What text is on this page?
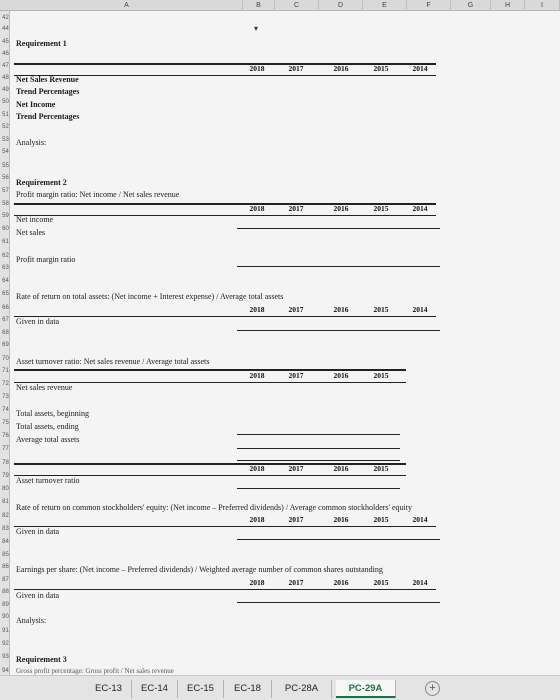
A	B	C	D	E	F	G	H	I
42
44
45
46
47
48
49
50
51
52
53
54
55
56
57
58
59
60
61
62
63
64
65
66
67
68
69
70
71
72
73
74
75
76
77
78
79
80
81
82
83
84
85
86
87
88
89
90
91
92
93
94
▾
Requirement 1
2018	2017	2016	2015	2014
Net Sales Revenue
Trend Percentages
Net Income
Trend Percentages
Analysis:
Requirement 2
Profit margin ratio: Net income / Net sales revenue
2018	2017	2016	2015	2014
Net income
Net sales
Profit margin ratio
Rate of return on total assets: (Net income + Interest expense) / Average total assets
2018	2017	2016	2015	2014
Given in data
Asset turnover ratio: Net sales revenue / Average total assets
2018	2017	2016	2015
Net sales revenue
Total assets, beginning
Total assets, ending
Average total assets
2018	2017	2016	2015
Asset turnover ratio
Rate of return on common stockholders' equity: (Net income – Preferred dividends) / Average common stockholders' equity
2018	2017	2016	2015	2014
Given in data
Earnings per share: (Net income – Preferred dividends) / Weighted average number of common shares outstanding
2018	2017	2016	2015	2014
Given in data
Analysis:
Requirement 3
Gross profit percentage: Gross profit / Net sales revenue
EC-13	EC-14	EC-15	EC-18	PC-28A	PC-29A	+
